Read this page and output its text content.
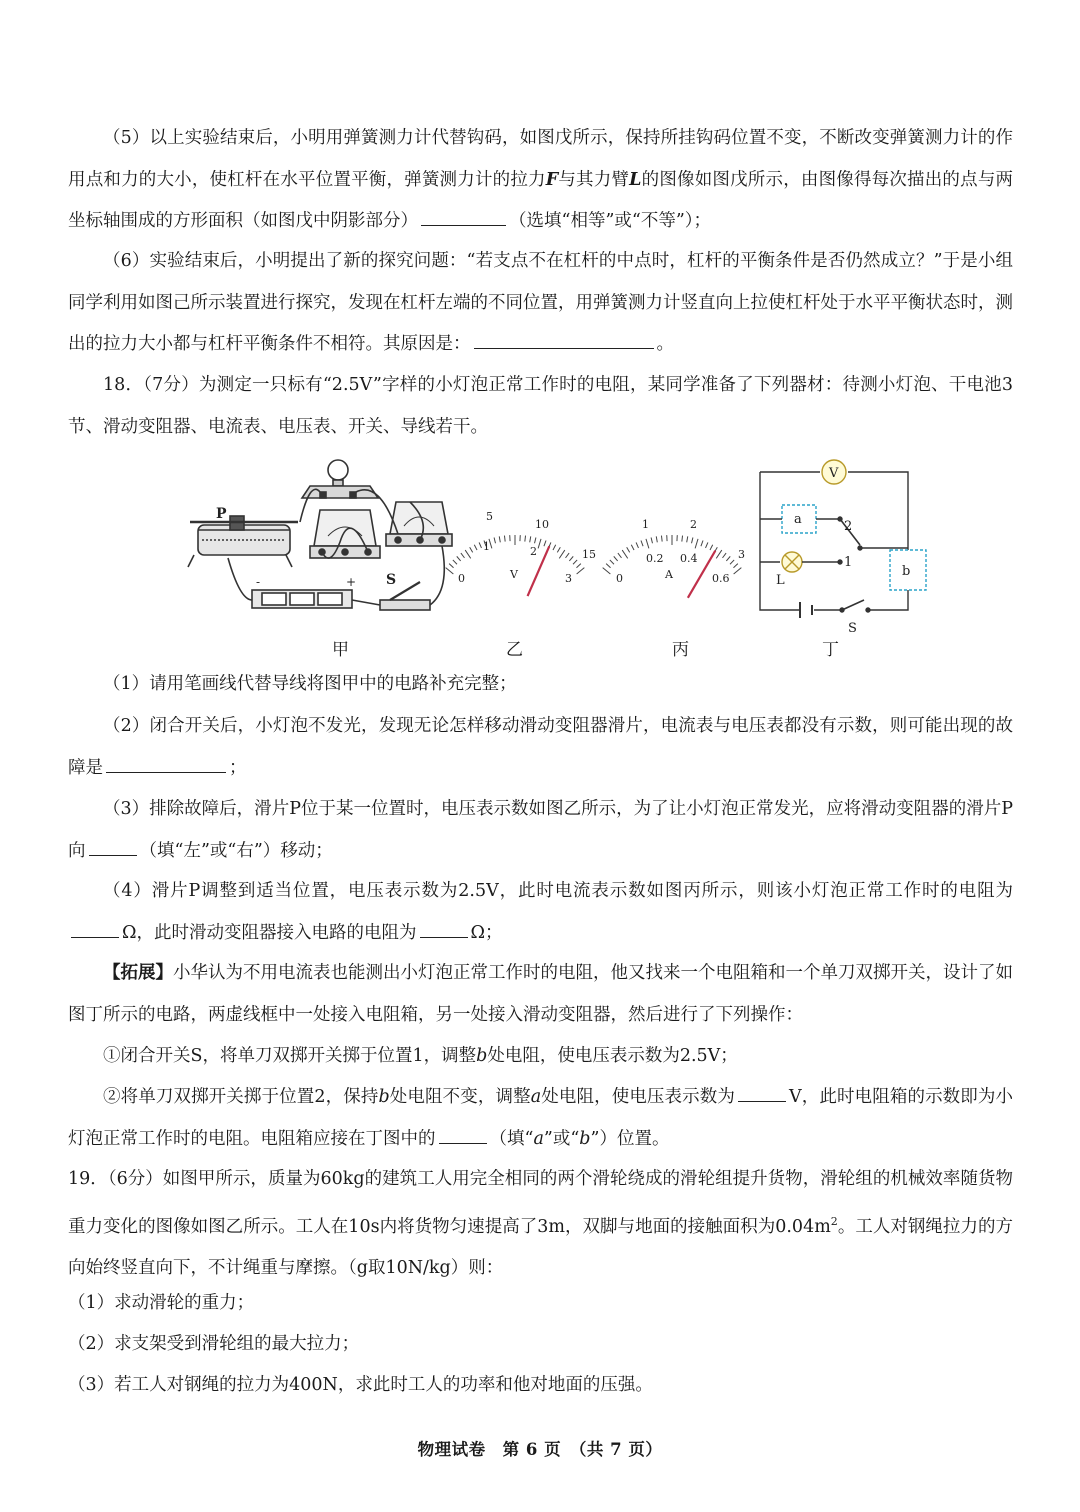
（5）以上实验结束后，小明用弹簧测力计代替钩码，如图戊所示，保持所挂钩码位置不变，不断改变弹簧测力计的作用点和力的大小，使杠杆在水平位置平衡，弹簧测力计的拉力F与其力臂L的图像如图戊所示，由图像得每次描出的点与两坐标轴围成的方形面积（如图戊中阴影部分）	（选填“相等”或“不等”）；
（6）实验结束后，小明提出了新的探究问题：“若支点不在杠杆的中点时，杠杆的平衡条件是否仍然成立？”于是小组同学利用如图己所示装置进行探究，发现在杠杆左端的不同位置，用弹簧测力计竖直向上拉使杠杆处于水平平衡状态时，测出的拉力大小都与杠杆平衡条件不相符。其原因是：	。
18．（7分）为测定一只标有“2.5V”字样的小灯泡正常工作时的电阻，某同学准备了下列器材：待测小灯泡、干电池3节、滑动变阻器、电流表、电压表、开关、导线若干。
P
-	+ S	0
1	2
3
5
10
15
V	0
0.2 0.4
0.6
1	2
3
A
V
a
b
L
1
2
S
甲	乙	丙	丁
（1）请用笔画线代替导线将图甲中的电路补充完整；
（2）闭合开关后，小灯泡不发光，发现无论怎样移动滑动变阻器滑片，电流表与电压表都没有示数，则可能出现的故障是	；
（3）排除故障后，滑片P位于某一位置时，电压表示数如图乙所示，为了让小灯泡正常发光，应将滑动变阻器的滑片P向	（填“左”或“右”）移动；
（4）滑片P调整到适当位置，电压表示数为2.5V，此时电流表示数如图丙所示，则该小灯泡正常工作时的电阻为Ω，此时滑动变阻器接入电路的电阻为	Ω；
【拓展】小华认为不用电流表也能测出小灯泡正常工作时的电阻，他又找来一个电阻箱和一个单刀双掷开关，设计了如图丁所示的电路，两虚线框中一处接入电阻箱，另一处接入滑动变阻器，然后进行了下列操作：
①闭合开关S，将单刀双掷开关掷于位置1，调整b处电阻，使电压表示数为2.5V；
②将单刀双掷开关掷于位置2，保持b处电阻不变，调整a处电阻，使电压表示数为	V，此时电阻箱的示数即为小灯泡正常工作时的电阻。电阻箱应接在丁图中的	（填“a”或“b”）位置。
19．（6分）如图甲所示，质量为60kg的建筑工人用完全相同的两个滑轮绕成的滑轮组提升货物，滑轮组的机械效率随货物重力变化的图像如图乙所示。工人在10s内将货物匀速提高了3m，双脚与地面的接触面积为$0.04m^2$。工人对钢绳拉力的方向始终竖直向下，不计绳重与摩擦。（g取10N/kg）则：
（1）求动滑轮的重力；
（2）求支架受到滑轮组的最大拉力；
（3）若工人对钢绳的拉力为400N，求此时工人的功率和他对地面的压强。
物理试卷　第 6 页　（共 7 页）
